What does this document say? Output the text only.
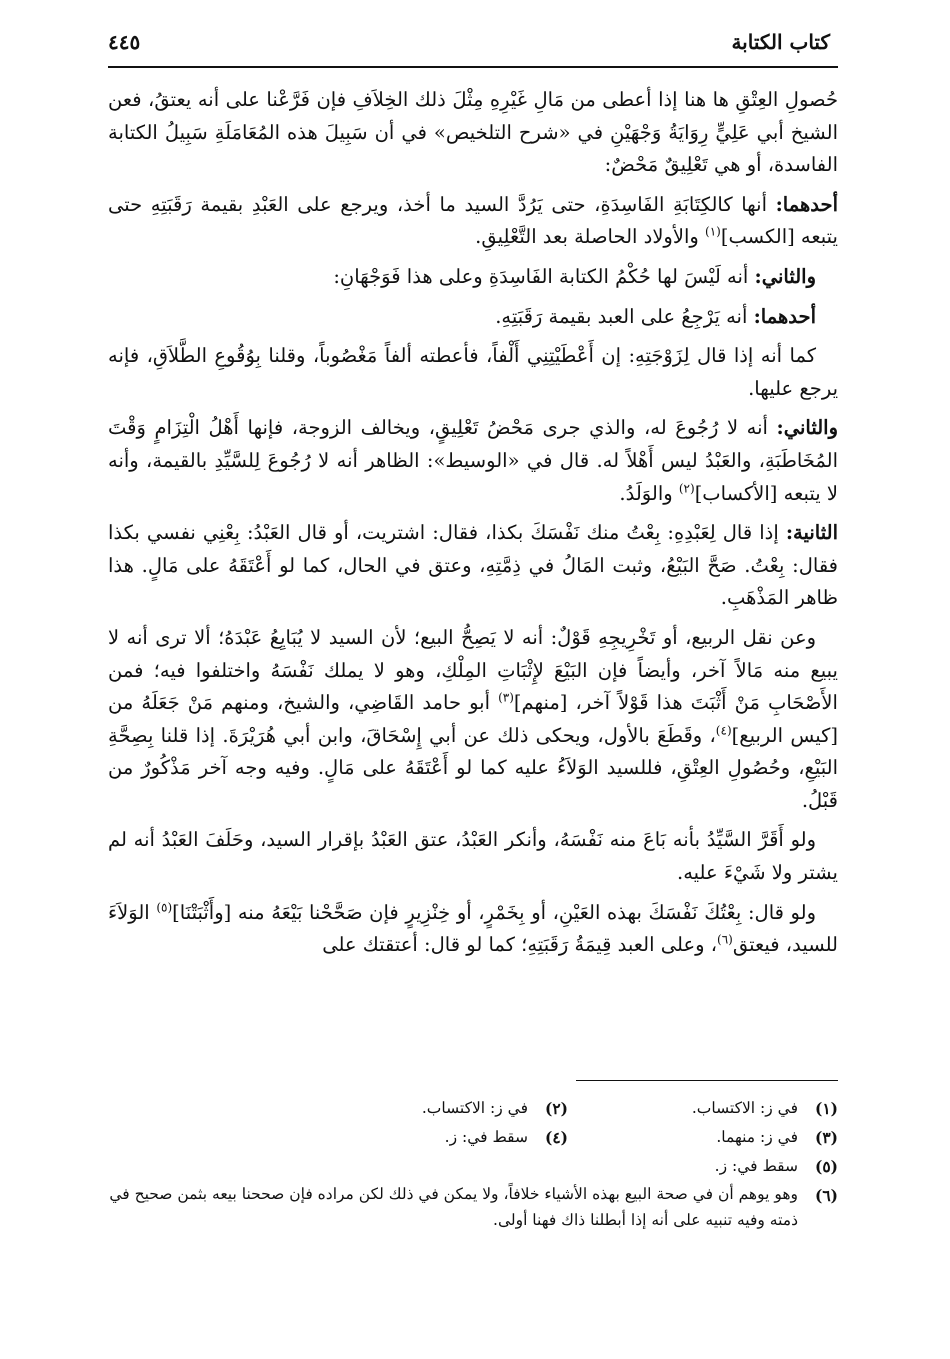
كتاب الكتابة
٤٤٥

حُصولِ العِتْقِ ها هنا إذا أعطى من مَالِ غَيْرِهِ مِثْلَ ذلك الخِلاَفِ فإن فَرَّعْنا على أنه يعتقُ، فعن الشيخ أبي عَلِيٍّ رِوَايَةُ وَجْهَيْنِ في «شرح التلخيص» في أن سَبِيلَ هذه المُعَامَلَةِ سَبِيلُ الكتابة الفاسدة، أو هي تَعْلِيقٌ مَحْضٌ:

أحدهما: أنها كالكِتَابَةِ الفَاسِدَةِ، حتى يَرُدَّ السيد ما أخذ، ويرجع على العَبْدِ بقيمة رَقَبَتِهِ حتى يتبعه [الكسب]$^{(١)}$ والأولاد الحاصلة بعد التَّعْلِيقِ.

والثاني: أنه لَيْسَ لها حُكْمُ الكتابة الفَاسِدَةِ وعلى هذا فَوَجْهَانِ:

أحدهما: أنه يَرْجِعُ على العبد بقيمة رَقَبَتِهِ.

كما أنه إذا قال لِزَوْجَتِهِ: إن أَعْطَيْتِنِي أَلْفاً، فأعطته ألفاً مَغْصُوباً، وقلنا بِوُقُوعِ الطَّلاَقِ، فإنه يرجع عليها.

والثاني: أنه لا رُجُوعَ له، والذي جرى مَحْضُ تَعْلِيقٍ، ويخالف الزوجة، فإنها أَهْلُ الْتِزَامٍ وَقْتَ المُخَاطَبَةِ، والعَبْدُ ليس أَهْلاً له. قال في «الوسيط»: الظاهر أنه لا رُجُوعَ لِلسَّيِّدِ بالقيمة، وأنه لا يتبعه [الأكساب]$^{(٢)}$ والوَلَدُ.

الثانية: إذا قال لِعَبْدِهِ: بِعْتُ منك نَفْسَكَ بكذا، فقال: اشتريت، أو قال العَبْدُ: بِعْنِي نفسي بكذا فقال: بِعْتُ. صَحَّ البَيْعُ، وثبت المَالُ في ذِمَّتِهِ، وعتق في الحال، كما لو أَعْتَقَهُ على مَالٍ. هذا ظاهر المَذْهَبِ.

وعن نقل الربيع، أو تَخْرِيجِهِ قَوْلٌ: أنه لا يَصِحُّ البيع؛ لأن السيد لا يُبَايِعُ عَبْدَهُ؛ ألا ترى أنه لا يبيع منه مَالاً آخر، وأيضاً فإن البَيْعَ لإِثْبَاتِ المِلْكِ، وهو لا يملك نَفْسَهُ واختلفوا فيه؛ فمن الأَصْحَابِ مَنْ أَثْبَتَ هذا قَوْلاً آخر، [منهم]$^{(٣)}$ أبو حامد القَاضِي، والشيخ، ومنهم مَنْ جَعَلَهُ من [كيس الربيع]$^{(٤)}$، وقَطَعَ بالأول، ويحكى ذلك عن أبي إِسْحَاقَ، وابن أبي هُرَيْرَةَ. إذا قلنا بِصِحَّةِ البَيْعِ، وحُصُولِ العِتْقِ، فللسيد الوَلاَءُ عليه كما لو أَعْتَقَهُ على مَالٍ. وفيه وجه آخر مَذْكُورٌ من قَبْلُ.

ولو أَقَرَّ السَّيِّدُ بأنه بَاعَ منه نَفْسَهُ، وأنكر العَبْدُ، عتق العَبْدُ بإقرار السيد، وحَلَفَ العَبْدُ أنه لم يشتر ولا شَيْءَ عليه.

ولو قال: بِعْتُكَ نَفْسَكَ بهذه العَيْنِ، أو بِخَمْرٍ، أو خِنْزِيرٍ فإن صَحَّحْنا بَيْعَهُ منه [وأَثْبَتْنَا]$^{(٥)}$ الوَلاَءَ للسيد، فيعتق$^{(٦)}$، وعلى العبد قِيمَةُ رَقَبَتِهِ؛ كما لو قال: أعتقتك على

(١)
في ز: الاكتساب.
(٢)
في ز: الاكتساب.
(٣)
في ز: منهما.
(٤)
سقط في: ز.
(٥)
سقط في: ز.
(٦)
وهو يوهم أن في صحة البيع بهذه الأشياء خلافاً، ولا يمكن في ذلك لكن مراده فإن صححنا بيعه بثمن صحيح في ذمته وفيه تنبيه على أنه إذا أبطلنا ذاك فهنا أولى.
